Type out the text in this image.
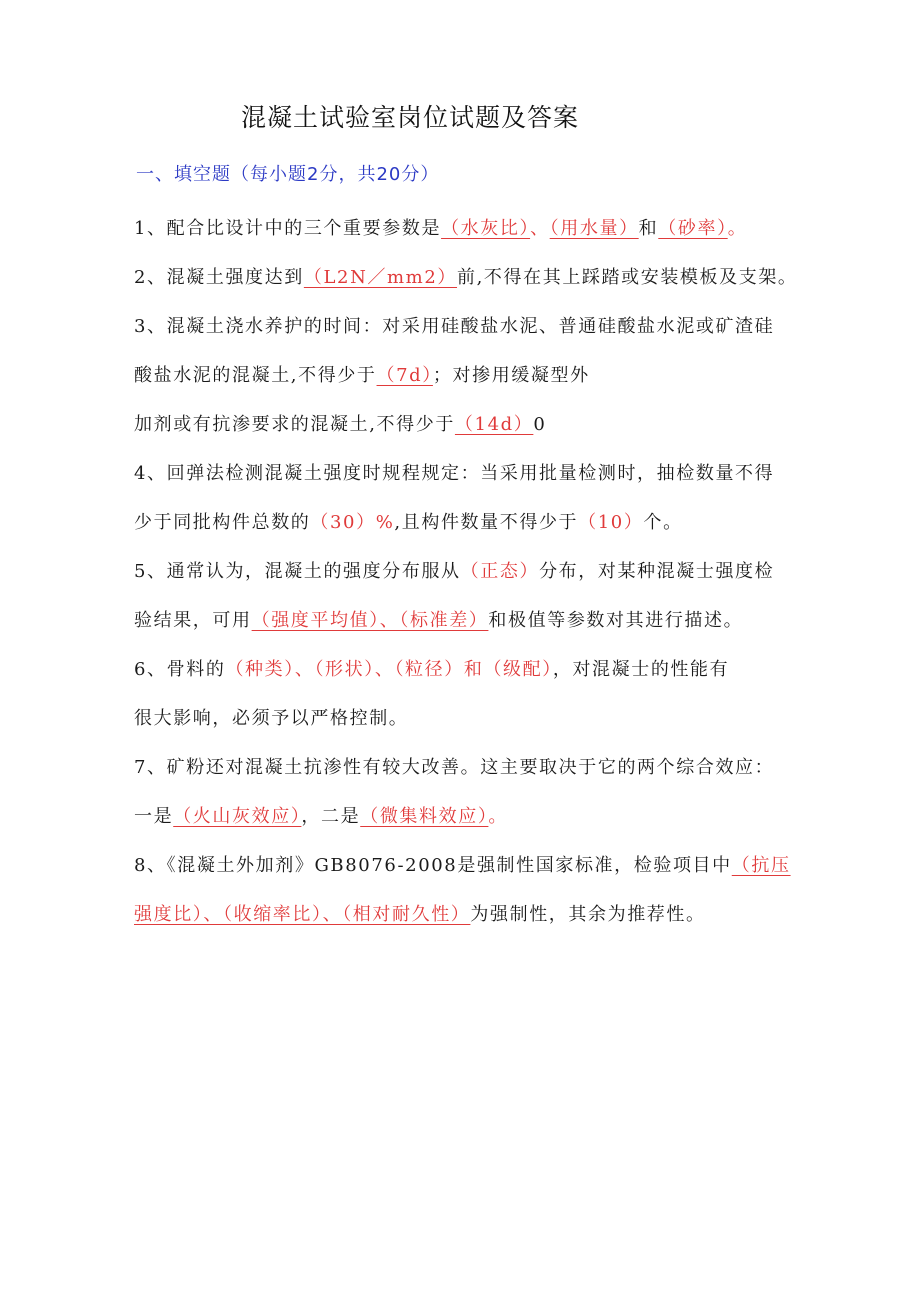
混凝土试验室岗位试题及答案
一、填空题（每小题2分，共20分）
1、配合比设计中的三个重要参数是（水灰比）、（用水量）和（砂率）。
2、混凝土强度达到（L2N／mm2）前,不得在其上踩踏或安装模板及支架。
3、混凝土浇水养护的时间：对采用硅酸盐水泥、普通硅酸盐水泥或矿渣硅
酸盐水泥的混凝土,不得少于（7d）；对掺用缓凝型外
加剂或有抗渗要求的混凝土,不得少于（14d）0
4、回弹法检测混凝土强度时规程规定：当采用批量检测时，抽检数量不得
少于同批构件总数的（30）%,且构件数量不得少于（10）个。
5、通常认为，混凝土的强度分布服从（正态）分布，对某种混凝士强度检
验结果，可用（强度平均值）、（标准差）和极值等参数对其进行描述。
6、骨料的（种类）、（形状）、（粒径）和（级配），对混凝士的性能有
很大影响，必须予以严格控制。
7、矿粉还对混凝土抗渗性有较大改善。这主要取决于它的两个综合效应：
一是（火山灰效应），二是（微集料效应）。
8、《混凝土外加剂》GB8076-2008是强制性国家标准，检验项目中（抗压
强度比）、（收缩率比）、（相对耐久性）为强制性，其余为推荐性。
